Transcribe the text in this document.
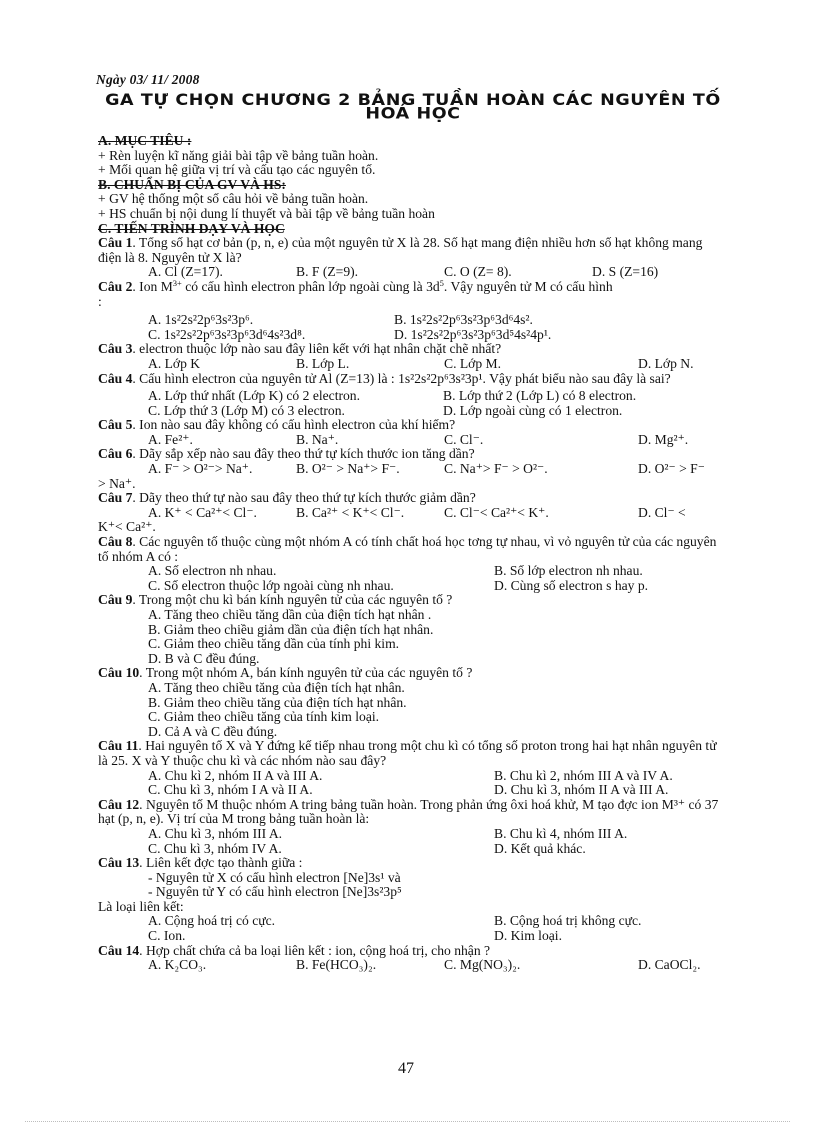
Ngày 03/ 11/ 2008
GA TỰ CHỌN CHƯƠNG 2 BẢNG TUẦN HOÀN CÁC NGUYÊN TỐ
HOÁ HỌC
A. MỤC TIÊU :
+ Rèn luyện kĩ năng giải bài tập về bảng tuần hoàn.
+ Mối quan hệ giữa vị trí và cấu tạo các nguyên tố.
B. CHUẨN BỊ CỦA GV VÀ HS:
+ GV hệ thống một số câu hỏi về bảng tuần hoàn.
+ HS chuẩn bị nội dung lí thuyết và bài tập về bảng tuần hoàn
C. TIẾN TRÌNH DẠY VÀ HỌC
Câu 1. Tổng số hạt cơ bản (p, n, e) của một nguyên tử X là 28. Số hạt mang điện nhiều hơn số hạt không mang điện là 8. Nguyên tử X là?
A. Cl (Z=17).	B. F (Z=9).	C. O (Z= 8).	D. S (Z=16)
Câu 2. Ion $M^{3+}$ có cấu hình electron phân lớp ngoài cùng là $3d^5$. Vậy nguyên tử M có cấu hình
:
A. 1s²2s²2p⁶3s²3p⁶.	B. 1s²2s²2p⁶3s²3p⁶3d⁶4s².
C. 1s²2s²2p⁶3s²3p⁶3d⁶4s²3d⁸.	D. 1s²2s²2p⁶3s²3p⁶3d⁵4s²4p¹.
Câu 3. electron thuộc lớp nào sau đây liên kết với hạt nhân chặt chẽ nhất?
A. Lớp K	B. Lớp L.	C. Lớp M.	D. Lớp N.
Câu 4. Cấu hình electron của nguyên tử Al (Z=13) là : 1s²2s²2p⁶3s²3p¹. Vậy phát biểu nào sau đây là sai?
A. Lớp thứ nhất (Lớp K) có 2 electron.	B. Lớp thứ 2 (Lớp L) có 8 electron.
C. Lớp thứ 3 (Lớp M) có 3 electron.	D. Lớp ngoài cùng có 1 electron.
Câu 5. Ion nào sau đây không có cấu hình electron của khí hiếm?
A. Fe²⁺.	B. Na⁺.	C. Cl⁻.	D. Mg²⁺.
Câu 6. Dãy sắp xếp nào sau đây theo thứ tự kích thước ion tăng dần?
A. F⁻ > O²⁻> Na⁺.	B. O²⁻ > Na⁺> F⁻.	C. Na⁺> F⁻ > O²⁻.	D. O²⁻ > F⁻
> Na⁺.
Câu 7. Dãy theo thứ tự nào sau đây theo thứ tự kích thước giảm dần?
A. K⁺ < Ca²⁺< Cl⁻.	B. Ca²⁺ < K⁺< Cl⁻.	C. Cl⁻< Ca²⁺< K⁺.	D. Cl⁻ <
K⁺< Ca²⁺.
Câu 8. Các nguyên tố thuộc cùng một nhóm A có tính chất hoá học tơng tự nhau, vì vỏ nguyên tử của các nguyên tố nhóm A có :
A. Số electron nh nhau.	B. Số lớp electron nh nhau.
C. Số electron thuộc lớp ngoài cùng nh nhau.	D. Cùng số electron s hay p.
Câu 9. Trong một chu kì bán kính nguyên tử của các nguyên tố ?
A. Tăng theo chiều tăng dần của điện tích hạt nhân .
B. Giảm theo chiều giảm dần của điện tích hạt nhân.
C. Giảm theo chiều tăng dần của tính phi kim.
D. B và C đều đúng.
Câu 10. Trong một nhóm A, bán kính nguyên tử của các nguyên tố ?
A. Tăng theo chiều tăng của điện tích hạt nhân.
B. Giảm theo chiều tăng của điện tích hạt nhân.
C. Giảm theo chiều tăng của tính kim loại.
D. Cả A và C đều đúng.
Câu 11. Hai nguyên tố X và Y đứng kế tiếp nhau trong một chu kì có tổng số proton trong hai hạt nhân nguyên tử là 25. X và Y thuộc chu kì và các nhóm nào sau đây?
A. Chu kì 2, nhóm II A và III A.	B. Chu kì 2, nhóm III A và IV A.
C. Chu kì 3, nhóm I A và II A.	D. Chu kì 3, nhóm II A và III A.
Câu 12. Nguyên tố M thuộc nhóm A tring bảng tuần hoàn. Trong phản ứng ôxi hoá khử, M tạo đợc ion M³⁺ có 37 hạt (p, n, e). Vị trí của M trong bảng tuần hoàn là:
A. Chu kì 3, nhóm III A.	B. Chu kì 4, nhóm III A.
C. Chu kì 3, nhóm IV A.	D. Kết quả khác.
Câu 13. Liên kết đợc tạo thành giữa :
- Nguyên tử X có cấu hình electron [Ne]3s¹ và
- Nguyên tử Y có cấu hình electron [Ne]3s²3p⁵
Là loại liên kết:
A. Cộng hoá trị có cực.	B. Cộng hoá trị không cực.
C. Ion.	D. Kim loại.
Câu 14. Hợp chất chứa cả ba loại liên kết : ion, cộng hoá trị, cho nhận ?
A. K₂CO₃.	B. Fe(HCO₃)₂.	C. Mg(NO₃)₂.	D. CaOCl₂.
47
